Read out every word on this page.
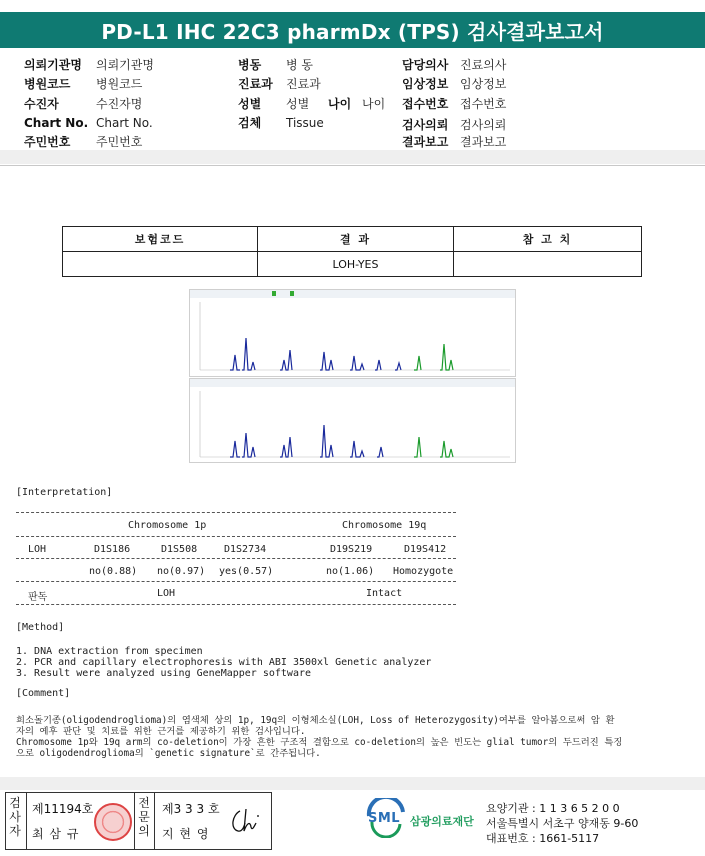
PD-L1 IHC 22C3 pharmDx (TPS) 검사결과보고서
의뢰기관명 의뢰기관명
병원코드 병원코드
수진자	수진자명
Chart No. Chart No.
주민번호 주민번호
병동 병 동
진료과 진료과
성별 성별 나이 나이
검체 Tissue
담당의사 진료의사
임상정보 임상정보
접수번호 접수번호
검사의뢰 검사의뢰
결과보고 결과보고
보험코드	결 과	참 고 치
	LOH-YES	
[Interpretation]
Chromosome 1p	Chromosome 19q
LOH	D1S186	D1S508	D1S2734	D19S219	D19S412
no(0.88) no(0.97) yes(0.57)	no(1.06) Homozygote
판독	LOH	Intact
[Method]
1. DNA extraction from specimen
2. PCR and capillary electrophoresis with ABI 3500xl Genetic analyzer
3. Result were analyzed using GeneMapper software
[Comment]
희소돌기종(oligodendroglioma)의 염색체 상의 1p, 19q의 이형체소실(LOH, Loss of Heterozygosity)여부를 알아봄으로써 암 환
자의 예후 판단 및 치료를 위한 근거를 제공하기 위한 검사입니다.
Chromosome 1p와 19q arm의 co-deletion이 가장 흔한 구조적 결함으로 co-deletion의 높은 빈도는 glial tumor의 두드러진 특징
으로 oligodendroglioma의 `genetic signature`로 간주됩니다.
검사자
제11194호
최 삼 규
전문의
제3 3 3 호
지 현 영
SML 삼광의료재단
요양기관 : 1 1 3 6 5 2 0 0
서울특별시 서초구 양재동 9-60
대표번호 : 1661-5117
